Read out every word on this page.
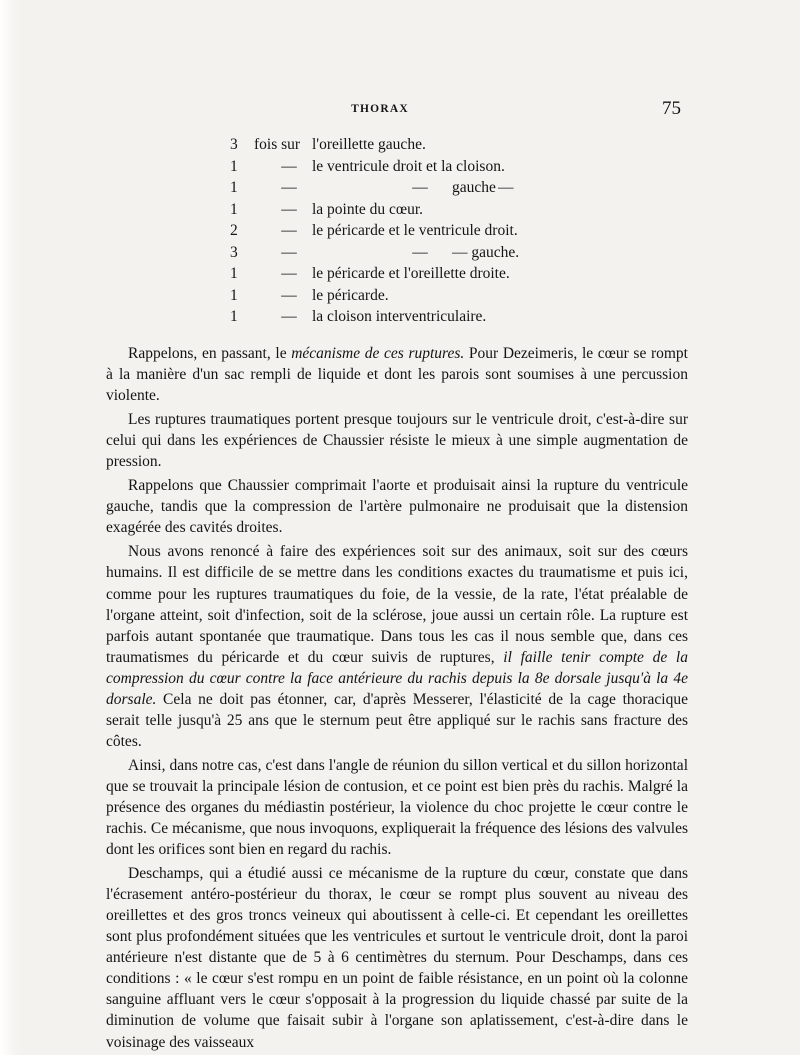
THORAX	75
3	fois sur l'oreillette gauche.
1	— le ventricule droit et la cloison.
1	—	—	gauche —
1	— la pointe du cœur.
2	— le péricarde et le ventricule droit.
3	—	—	— gauche.
1	— le péricarde et l'oreillette droite.
1	— le péricarde.
1	— la cloison interventriculaire.

Rappelons, en passant, le mécanisme de ces ruptures. Pour Dezeimeris, le cœur se rompt à la manière d'un sac rempli de liquide et dont les parois sont soumises à une percussion violente.

Les ruptures traumatiques portent presque toujours sur le ventricule droit, c'est-à-dire sur celui qui dans les expériences de Chaussier résiste le mieux à une simple augmentation de pression.

Rappelons que Chaussier comprimait l'aorte et produisait ainsi la rupture du ventricule gauche, tandis que la compression de l'artère pulmonaire ne produisait que la distension exagérée des cavités droites.

Nous avons renoncé à faire des expériences soit sur des animaux, soit sur des cœurs humains. Il est difficile de se mettre dans les conditions exactes du traumatisme et puis ici, comme pour les ruptures traumatiques du foie, de la vessie, de la rate, l'état préalable de l'organe atteint, soit d'infection, soit de la sclérose, joue aussi un certain rôle. La rupture est parfois autant spontanée que traumatique. Dans tous les cas il nous semble que, dans ces traumatismes du péricarde et du cœur suivis de ruptures, il faille tenir compte de la compression du cœur contre la face antérieure du rachis depuis la 8e dorsale jusqu'à la 4e dorsale. Cela ne doit pas étonner, car, d'après Messerer, l'élasticité de la cage thoracique serait telle jusqu'à 25 ans que le sternum peut être appliqué sur le rachis sans fracture des côtes.

Ainsi, dans notre cas, c'est dans l'angle de réunion du sillon vertical et du sillon horizontal que se trouvait la principale lésion de contusion, et ce point est bien près du rachis. Malgré la présence des organes du médiastin postérieur, la violence du choc projette le cœur contre le rachis. Ce mécanisme, que nous invoquons, expliquerait la fréquence des lésions des valvules dont les orifices sont bien en regard du rachis.

Deschamps, qui a étudié aussi ce mécanisme de la rupture du cœur, constate que dans l'écrasement antéro-postérieur du thorax, le cœur se rompt plus souvent au niveau des oreillettes et des gros troncs veineux qui aboutissent à celle-ci. Et cependant les oreillettes sont plus profondément situées que les ventricules et surtout le ventricule droit, dont la paroi antérieure n'est distante que de 5 à 6 centimètres du sternum. Pour Deschamps, dans ces conditions : « le cœur s'est rompu en un point de faible résistance, en un point où la colonne sanguine affluant vers le cœur s'opposait à la progression du liquide chassé par suite de la diminution de volume que faisait subir à l'organe son aplatissement, c'est-à-dire dans le voisinage des vaisseaux
